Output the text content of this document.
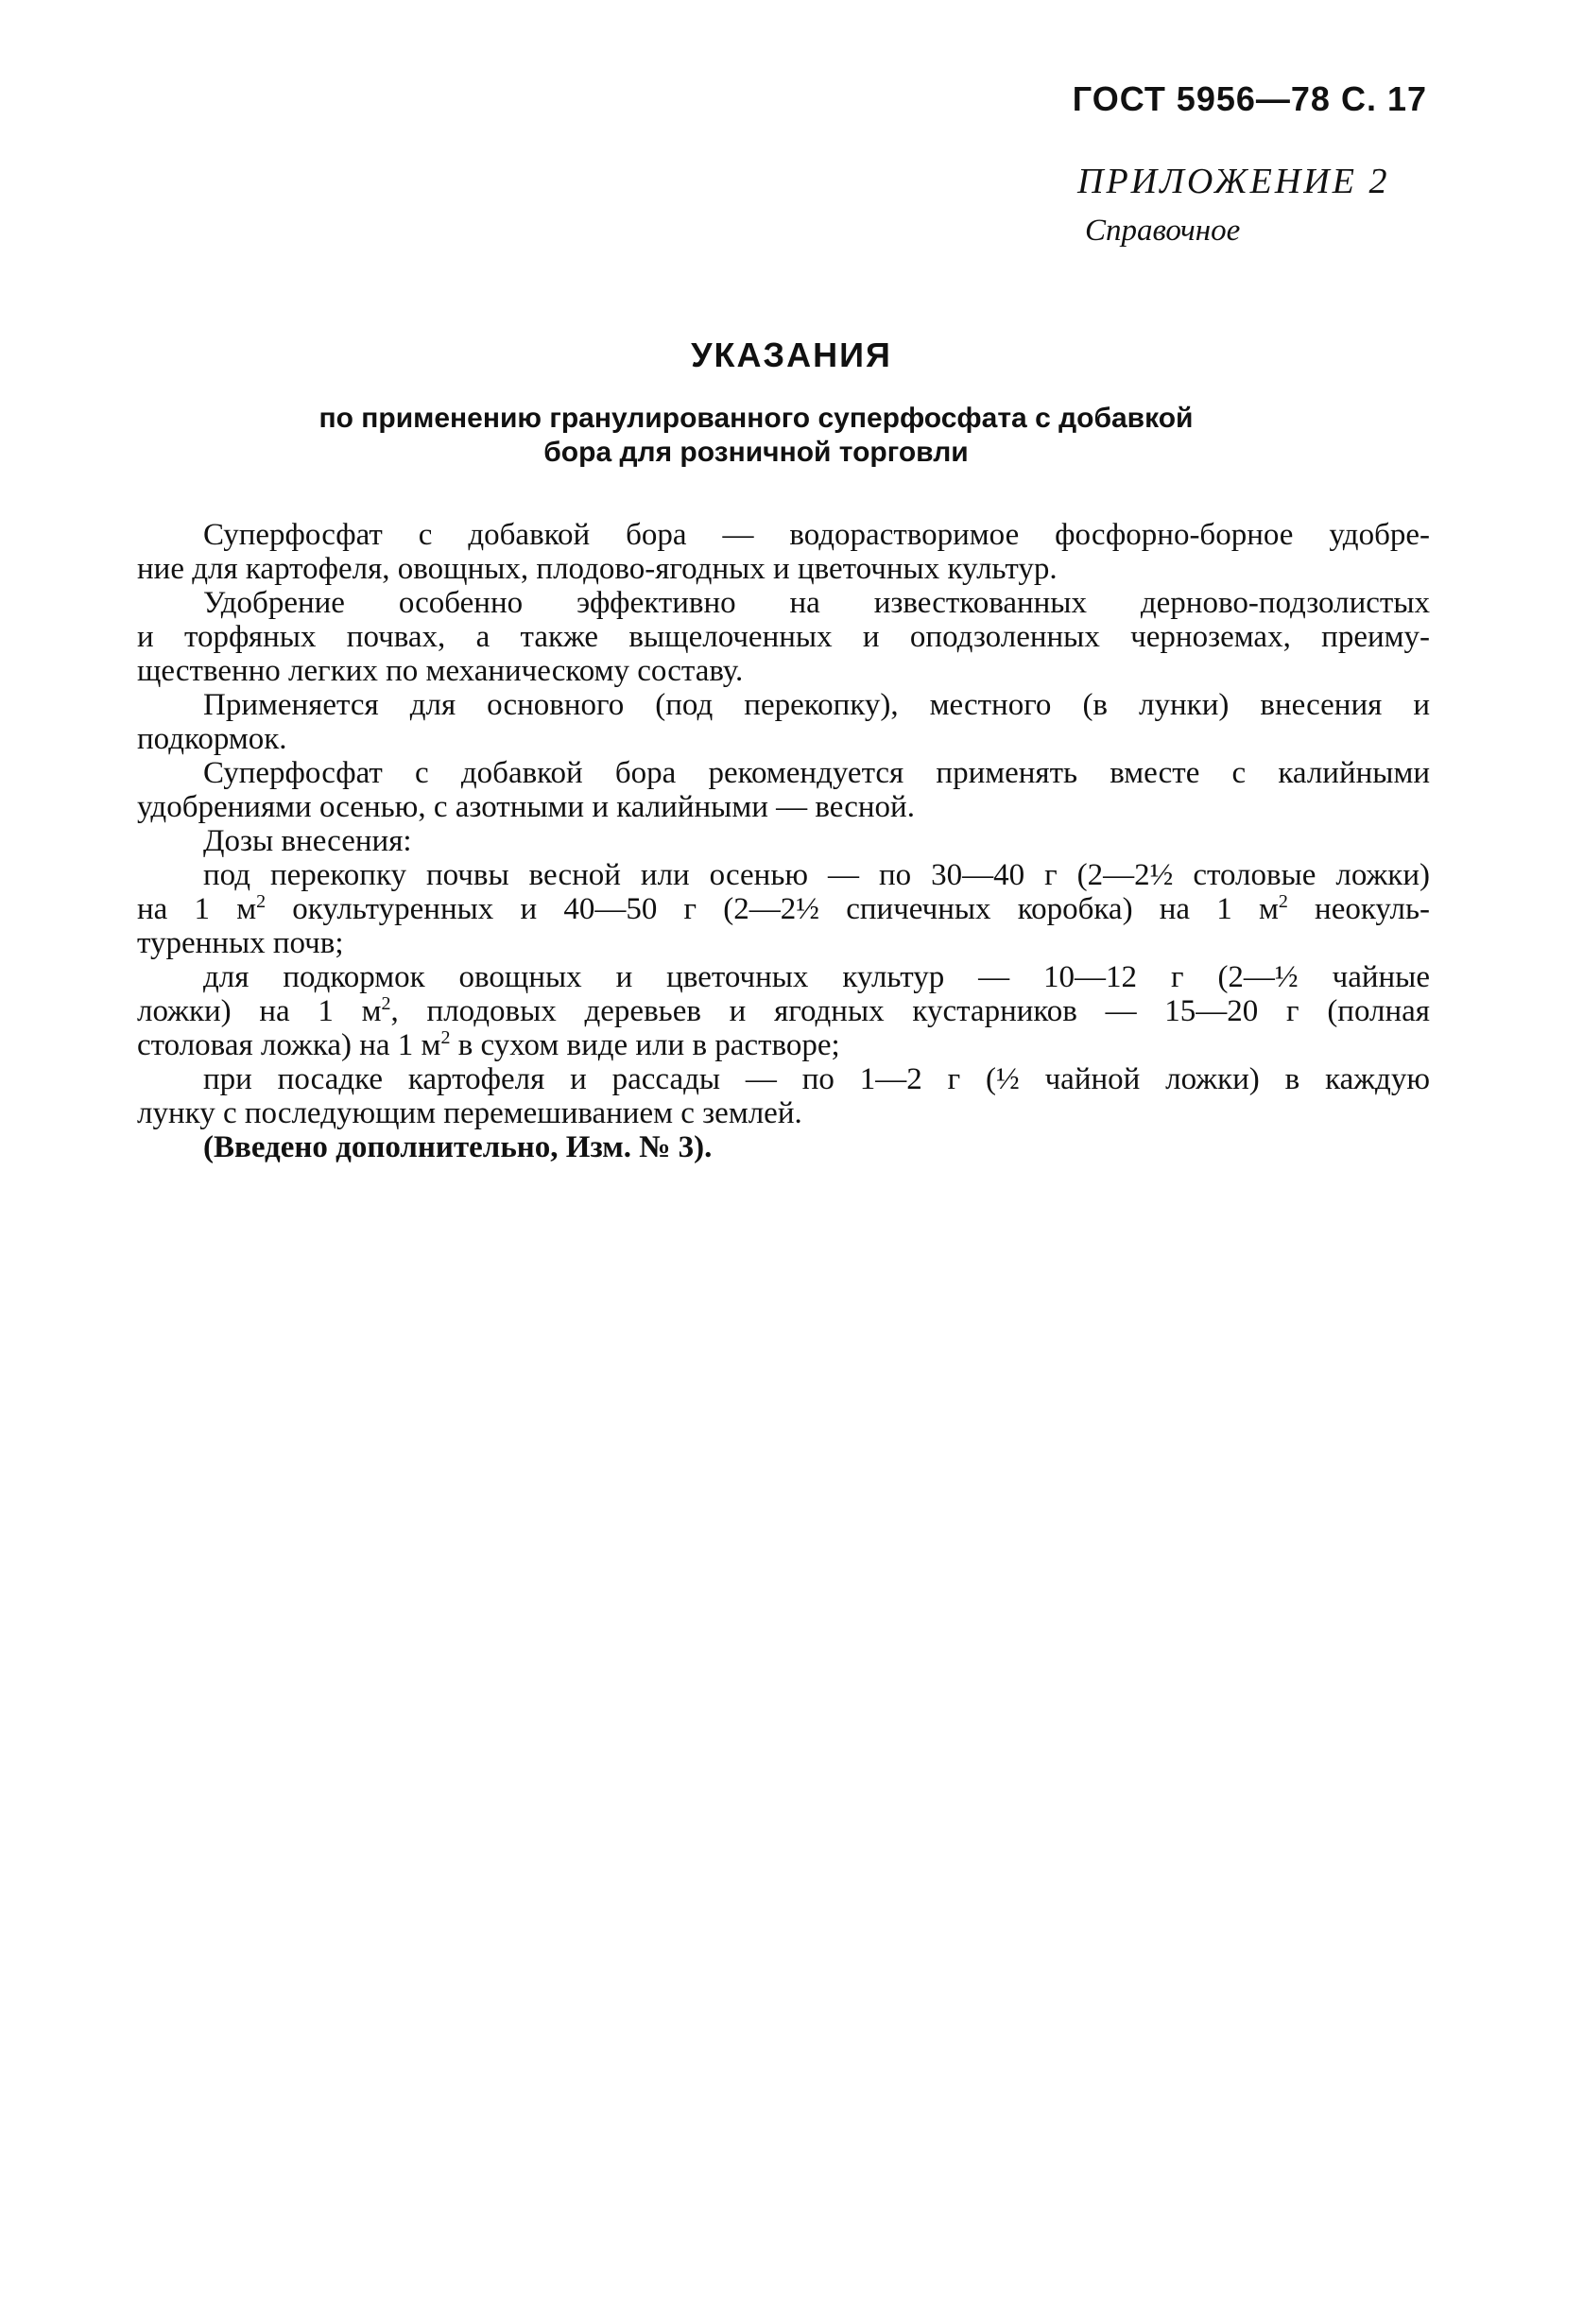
ГОСТ 5956—78 С. 17
ПРИЛОЖЕНИЕ 2
Справочное
УКАЗАНИЯ
по применению гранулированного суперфосфата с добавкой
бора для розничной торговли
Суперфосфат с добавкой бора — водорастворимое фосфорно-борное удобре-
ние для картофеля, овощных, плодово-ягодных и цветочных культур.
Удобрение особенно эффективно на известкованных дерново-подзолистых
и торфяных почвах, а также выщелоченных и оподзоленных черноземах, преиму-
щественно легких по механическому составу.
Применяется для основного (под перекопку), местного (в лунки) внесения и
подкормок.
Суперфосфат с добавкой бора рекомендуется применять вместе с калийными
удобрениями осенью, с азотными и калийными — весной.
Дозы внесения:
под перекопку почвы весной или осенью — по 30—40 г (2—2½ столовые ложки)
на 1 $м^2$ окультуренных и 40—50 г (2—2½ спичечных коробка) на 1 $м^2$ неокуль-
туренных почв;
для подкормок овощных и цветочных культур — 10—12 г (2—½ чайные
ложки) на 1 $м^2$, плодовых деревьев и ягодных кустарников — 15—20 г (полная
столовая ложка) на 1 $м^2$ в сухом виде или в растворе;
при посадке картофеля и рассады — по 1—2 г (½ чайной ложки) в каждую
лунку с последующим перемешиванием с землей.
(Введено дополнительно, Изм. № 3).
